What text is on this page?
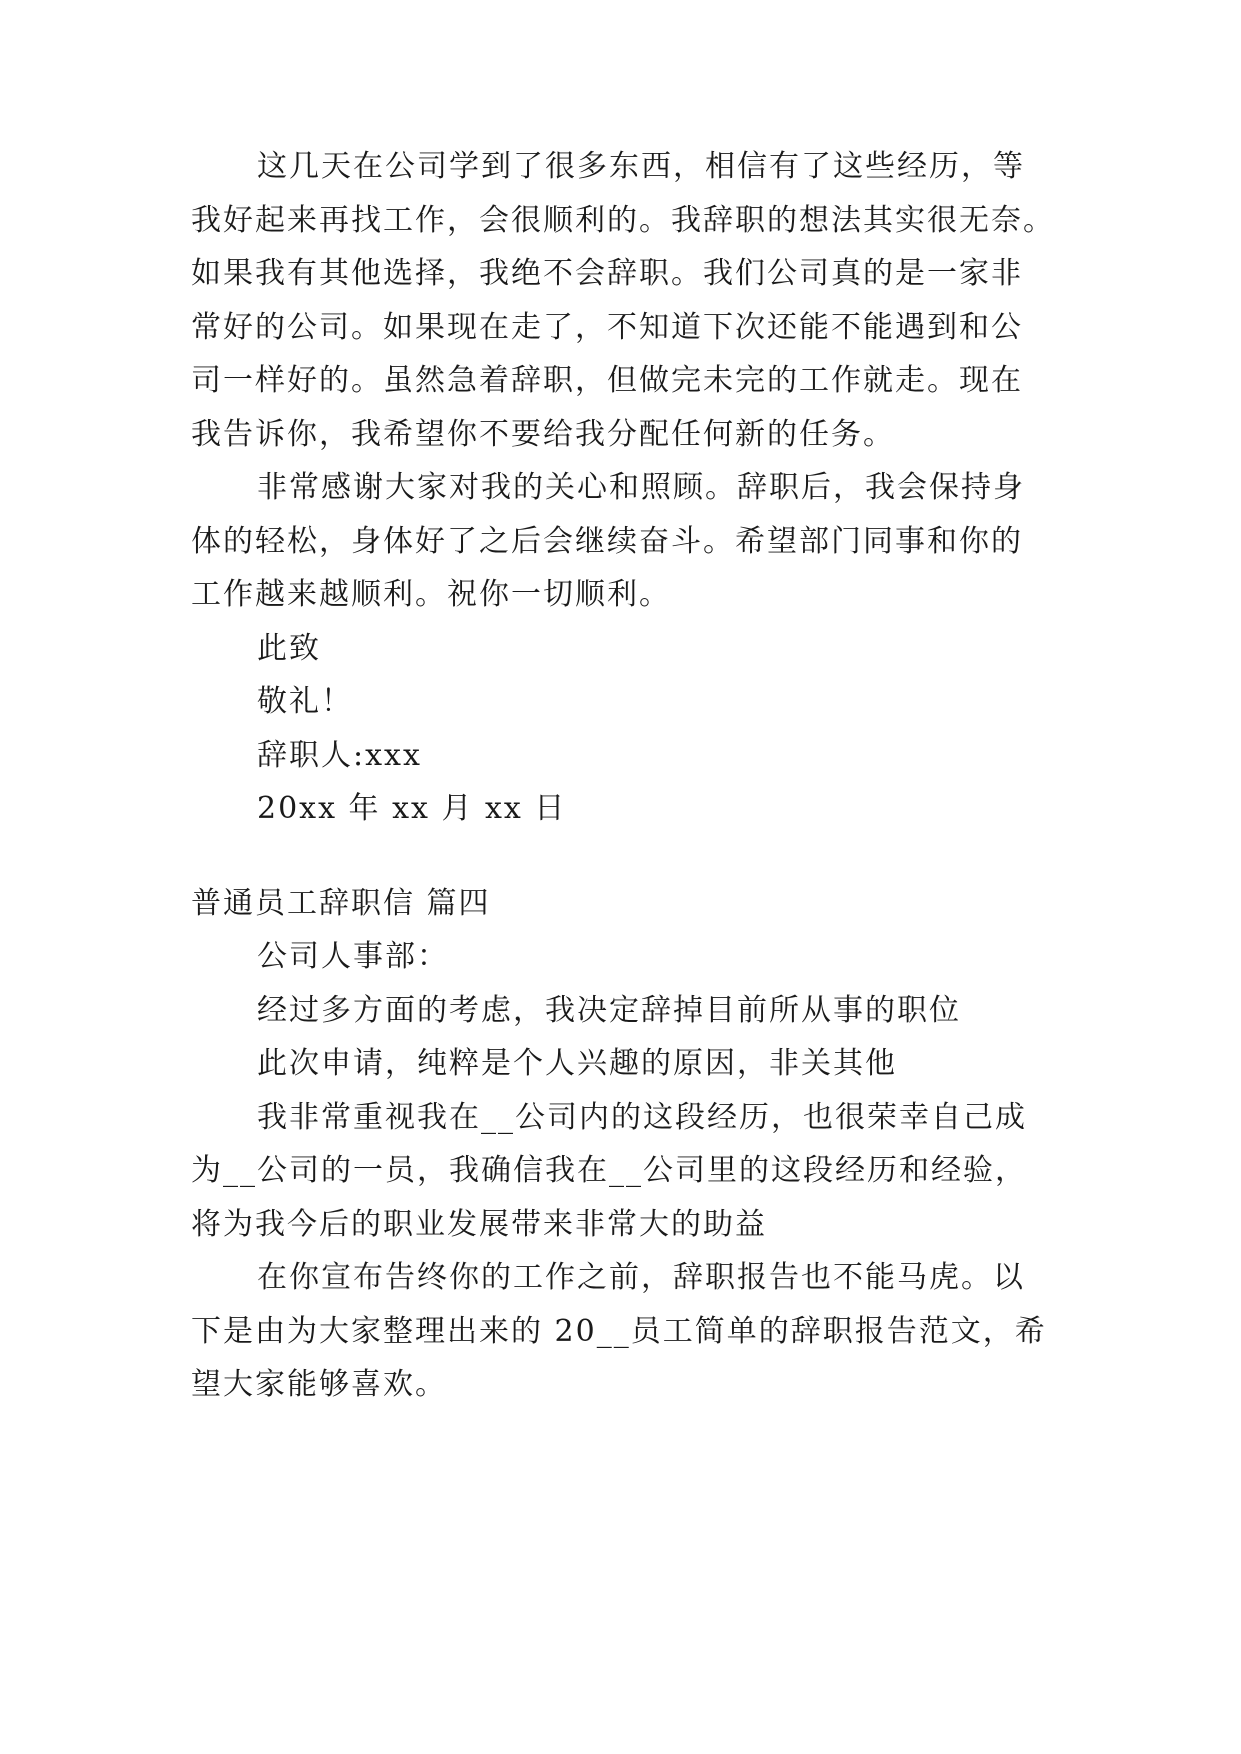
这几天在公司学到了很多东西，相信有了这些经历，等
我好起来再找工作，会很顺利的。我辞职的想法其实很无奈。
如果我有其他选择，我绝不会辞职。我们公司真的是一家非
常好的公司。如果现在走了，不知道下次还能不能遇到和公
司一样好的。虽然急着辞职，但做完未完的工作就走。现在
我告诉你，我希望你不要给我分配任何新的任务。
非常感谢大家对我的关心和照顾。辞职后，我会保持身
体的轻松，身体好了之后会继续奋斗。希望部门同事和你的
工作越来越顺利。祝你一切顺利。
此致
敬礼！
辞职人:xxx
20xx 年 xx 月 xx 日
普通员工辞职信 篇四
公司人事部：
经过多方面的考虑，我决定辞掉目前所从事的职位
此次申请，纯粹是个人兴趣的原因，非关其他
我非常重视我在__公司内的这段经历，也很荣幸自己成
为__公司的一员，我确信我在__公司里的这段经历和经验，
将为我今后的职业发展带来非常大的助益
在你宣布告终你的工作之前，辞职报告也不能马虎。以
下是由为大家整理出来的 20__员工简单的辞职报告范文，希
望大家能够喜欢。
